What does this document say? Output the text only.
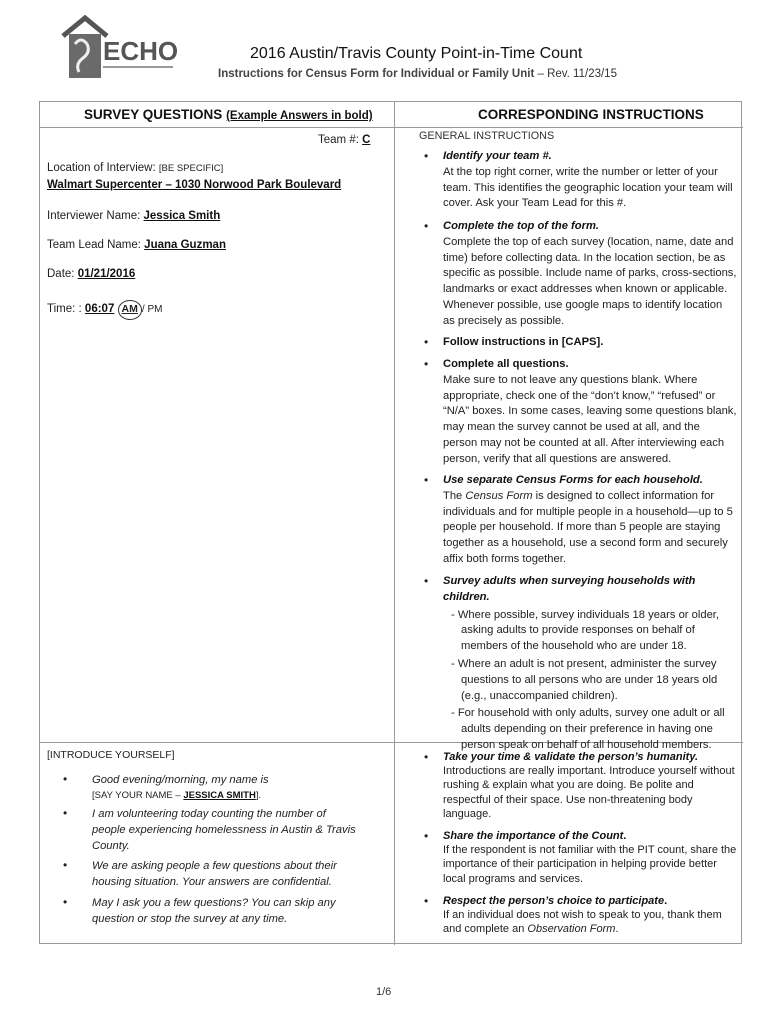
ECHO	2016 Austin/Travis County Point-in-Time Count
Instructions for Census Form for Individual or Family Unit – Rev. 11/23/15
SURVEY QUESTIONS (Example Answers in bold)	CORRESPONDING INSTRUCTIONS
Team #: C
Location of Interview: [BE SPECIFIC]
Walmart Supercenter – 1030 Norwood Park Boulevard
Interviewer Name: Jessica Smith
Team Lead Name: Juana Guzman
Date: 01/21/2016
Time: : 06:07 AM / PM
GENERAL INSTRUCTIONS
• Identify your team #.
At the top right corner, write the number or letter of your team. This identifies the geographic location your team will cover. Ask your Team Lead for this #.
• Complete the top of the form.
Complete the top of each survey (location, name, date and time) before collecting data. In the location section, be as specific as possible. Include name of parks, cross-sections, landmarks or exact addresses when known or applicable. Whenever possible, use google maps to identify location as precisely as possible.
• Follow instructions in [CAPS].
• Complete all questions.
Make sure to not leave any questions blank. Where appropriate, check one of the “don’t know,” “refused” or “N/A” boxes. In some cases, leaving some questions blank, may mean the survey cannot be used at all, and the person may not be counted at all. After interviewing each person, verify that all questions are answered.
• Use separate Census Forms for each household.
The Census Form is designed to collect information for individuals and for multiple people in a household—up to 5 people per household. If more than 5 people are staying together as a household, use a second form and securely affix both forms together.
• Survey adults when surveying households with children.
- Where possible, survey individuals 18 years or older, asking adults to provide responses on behalf of members of the household who are under 18.
- Where an adult is not present, administer the survey questions to all persons who are under 18 years old (e.g., unaccompanied children).
- For household with only adults, survey one adult or all adults depending on their preference in having one person speak on behalf of all household members.
[INTRODUCE YOURSELF]
• Good evening/morning, my name is
[SAY YOUR NAME – JESSICA SMITH].
• I am volunteering today counting the number of people experiencing homelessness in Austin & Travis County.
• We are asking people a few questions about their housing situation. Your answers are confidential.
• May I ask you a few questions? You can skip any question or stop the survey at any time.
• Take your time & validate the person’s humanity.
Introductions are really important. Introduce yourself without rushing & explain what you are doing. Be polite and respectful of their space. Use non-threatening body language.
• Share the importance of the Count.
If the respondent is not familiar with the PIT count, share the importance of their participation in helping provide better local programs and services.
• Respect the person’s choice to participate.
If an individual does not wish to speak to you, thank them and complete an Observation Form.
1/6
